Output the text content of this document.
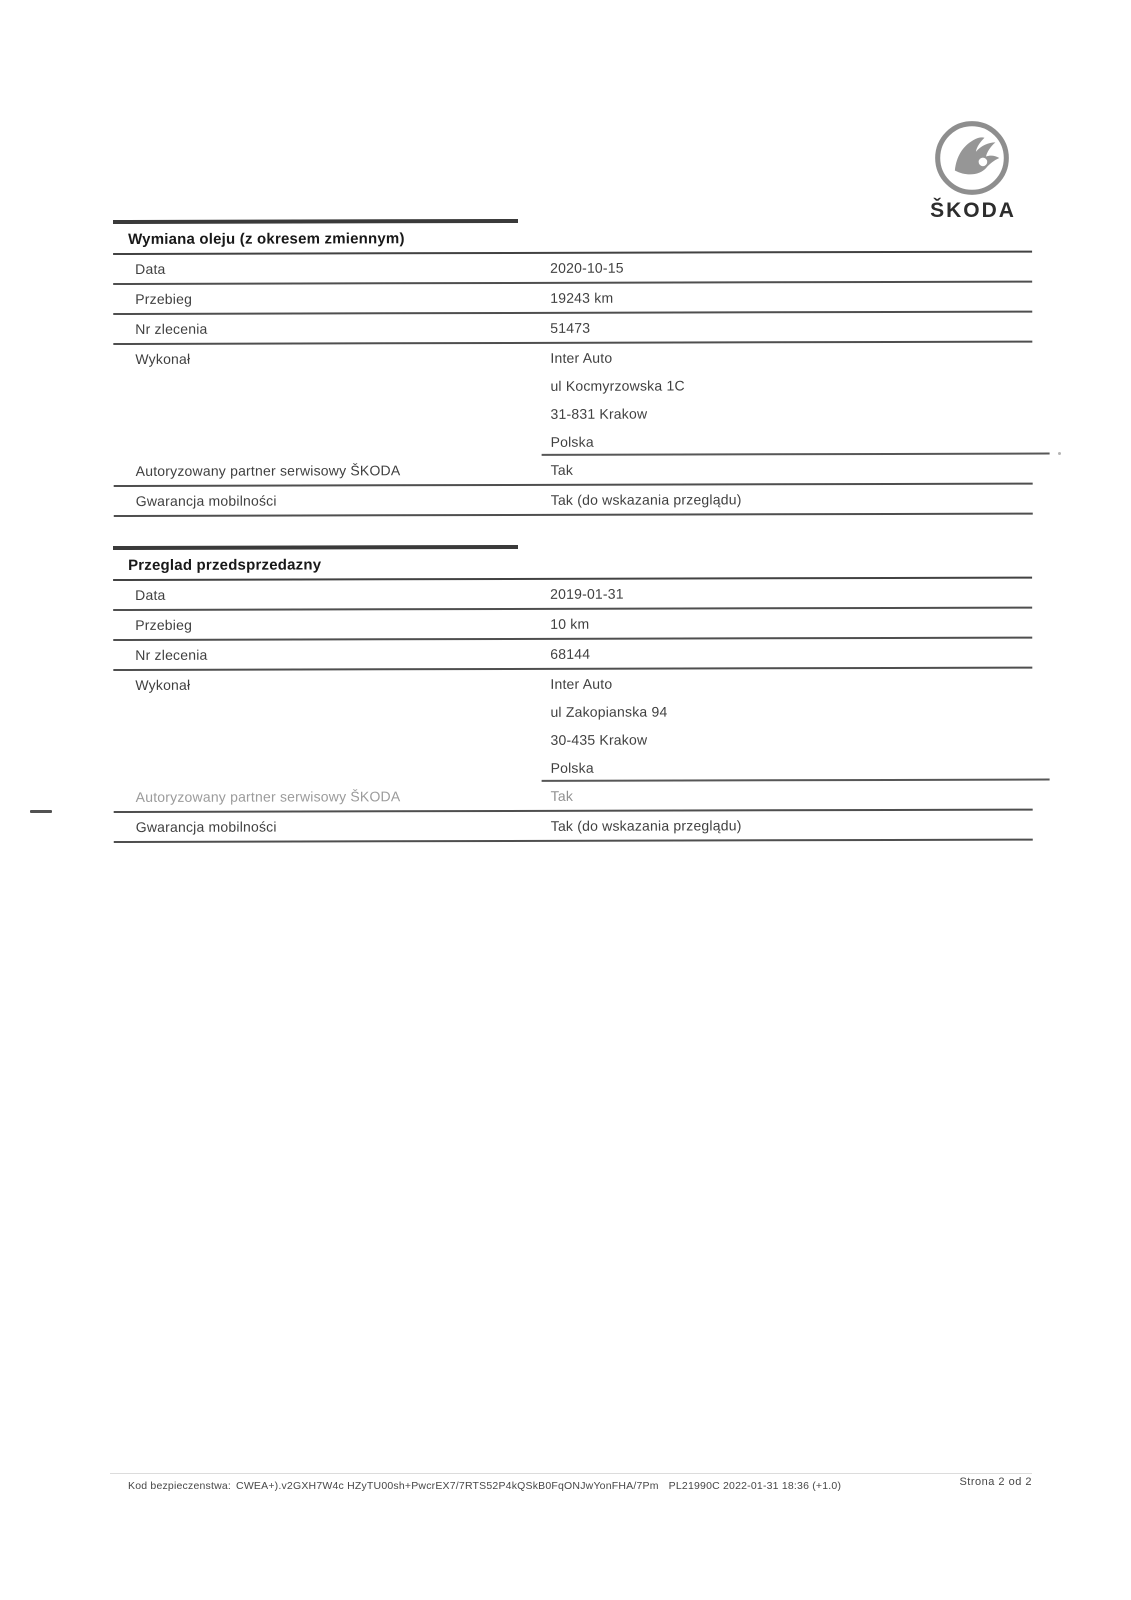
ŠKODA
Wymiana oleju (z okresem zmiennym)
Data	2020-10-15
Przebieg	19243 km
Nr zlecenia	51473
Wykonał	Inter Auto
ul Kocmyrzowska 1C
31-831 Krakow
Polska
Autoryzowany partner serwisowy ŠKODA	Tak
Gwarancja mobilności	Tak (do wskazania przeglądu)
Przeglad przedsprzedazny
Data	2019-01-31
Przebieg	10 km
Nr zlecenia	68144
Wykonał	Inter Auto
ul Zakopianska 94
30-435 Krakow
Polska
Autoryzowany partner serwisowy ŠKODA	Tak
Gwarancja mobilności	Tak (do wskazania przeglądu)
Kod bezpieczenstwa: CWEA+).v2GXH7W4c HZyTU00sh+PwcrEX7/7RTS52P4kQSkB0FqONJwYonFHA/7Pm PL21990C 2022-01-31 18:36 (+1.0)	Strona 2 od 2
